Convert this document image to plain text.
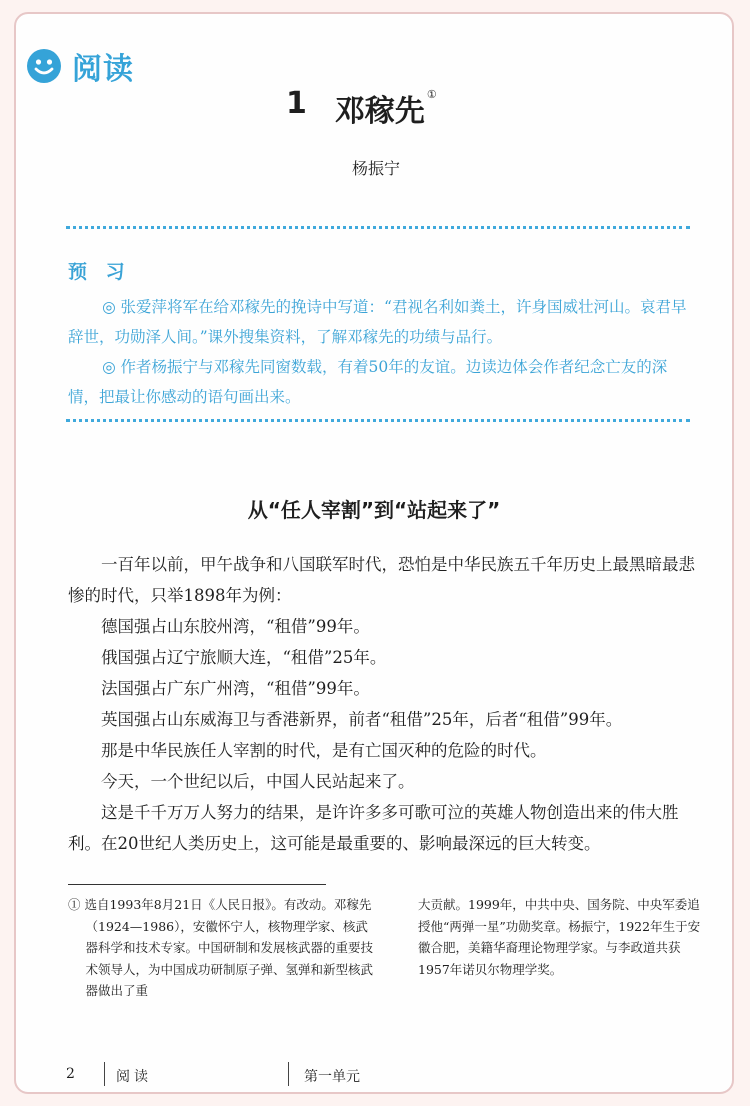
阅读
1 邓稼先 ①
杨振宁
预 习

◎ 张爱萍将军在给邓稼先的挽诗中写道：“君视名利如粪土，许身国威壮河山。哀君早辞世，功勋泽人间。”课外搜集资料，了解邓稼先的功绩与品行。

◎ 作者杨振宁与邓稼先同窗数载，有着50年的友谊。边读边体会作者纪念亡友的深情，把最让你感动的语句画出来。

从“任人宰割”到“站起来了”

一百年以前，甲午战争和八国联军时代，恐怕是中华民族五千年历史上最黑暗最悲惨的时代，只举1898年为例：

德国强占山东胶州湾，“租借”99年。

俄国强占辽宁旅顺大连，“租借”25年。

法国强占广东广州湾，“租借”99年。

英国强占山东威海卫与香港新界，前者“租借”25年，后者“租借”99年。

那是中华民族任人宰割的时代，是有亡国灭种的危险的时代。

今天，一个世纪以后，中国人民站起来了。

这是千千万万人努力的结果，是许许多多可歌可泣的英雄人物创造出来的伟大胜利。在20世纪人类历史上，这可能是最重要的、影响最深远的巨大转变。

① 选自1993年8月21日《人民日报》。有改动。邓稼先（1924—1986），安徽怀宁人，核物理学家、核武器科学和技术专家。中国研制和发展核武器的重要技术领导人，为中国成功研制原子弹、氢弹和新型核武器做出了重
大贡献。1999年，中共中央、国务院、中央军委追授他“两弹一星”功勋奖章。杨振宁，1922年生于安徽合肥，美籍华裔理论物理学家。与李政道共获1957年诺贝尔物理学奖。
2	阅读	第一单元
